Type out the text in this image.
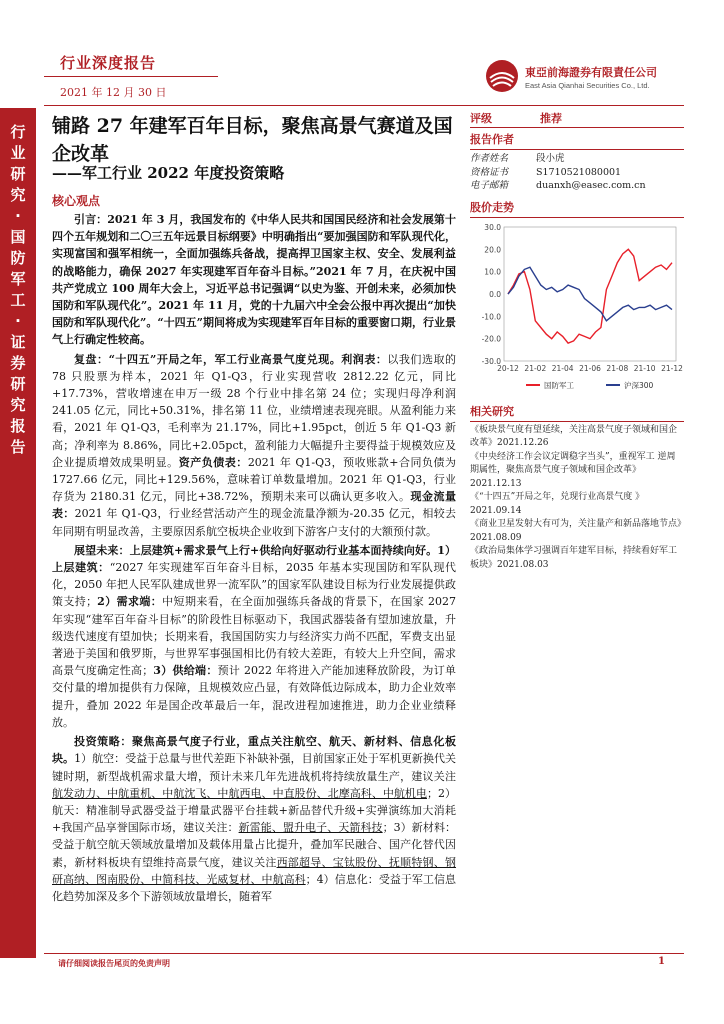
行业深度报告
2021 年 12 月 30 日
東亞前海證券有限責任公司
East Asia Qianhai Securities Co., Ltd.
行
业
研
究
·
国
防
军
工
·
证
券
研
究
报
告
铺路 27 年建军百年目标，聚焦高景气赛道及国企改革
——军工行业 2022 年度投资策略
核心观点

引言：2021 年 3 月，我国发布的《中华人民共和国国民经济和社会发展第十四个五年规划和二〇三五年远景目标纲要》中明确指出“要加强国防和军队现代化，实现富国和强军相统一，全面加强练兵备战，提高捍卫国家主权、安全、发展利益的战略能力，确保 2027 年实现建军百年奋斗目标。”2021 年 7 月，在庆祝中国共产党成立 100 周年大会上，习近平总书记强调“以史为鉴、开创未来，必须加快国防和军队现代化”。2021 年 11 月，党的十九届六中全会公报中再次提出“加快国防和军队现代化”。“十四五”期间将成为实现建军百年目标的重要窗口期，行业景气上行确定性较高。

复盘：“十四五”开局之年，军工行业高景气度兑现。利润表：以我们选取的 78 只股票为样本，2021 年 Q1-Q3，行业实现营收 2812.22 亿元，同比+17.73%，营收增速在申万一级 28 个行业中排名第 24 位；实现归母净利润 241.05 亿元，同比+50.31%，排名第 11 位，业绩增速表现亮眼。从盈利能力来看，2021 年 Q1-Q3，毛利率为 21.17%，同比+1.95pct，创近 5 年 Q1-Q3 新高；净利率为 8.86%，同比+2.05pct，盈利能力大幅提升主要得益于规模效应及企业提质增效成果明显。资产负债表：2021 年 Q1-Q3，预收账款+合同负债为 1727.66 亿元，同比+129.56%，意味着订单数量增加。2021 年 Q1-Q3，行业存货为 2180.31 亿元，同比+38.72%，预期未来可以确认更多收入。现金流量表：2021 年 Q1-Q3，行业经营活动产生的现金流量净额为-20.35 亿元，相较去年同期有明显改善，主要原因系航空板块企业收到下游客户支付的大额预付款。

展望未来：上层建筑+需求景气上行+供给向好驱动行业基本面持续向好。1）上层建筑：“2027 年实现建军百年奋斗目标，2035 年基本实现国防和军队现代化，2050 年把人民军队建成世界一流军队”的国家军队建设目标为行业发展提供政策支持；2）需求端：中短期来看，在全面加强练兵备战的背景下，在国家 2027 年实现“建军百年奋斗目标”的阶段性目标驱动下，我国武器装备有望加速放量，升级迭代速度有望加快；长期来看，我国国防实力与经济实力尚不匹配，军费支出显著逊于美国和俄罗斯，与世界军事强国相比仍有较大差距，有较大上升空间，需求高景气度确定性高；3）供给端：预计 2022 年将进入产能加速释放阶段，为订单交付量的增加提供有力保障，且规模效应凸显，有效降低边际成本，助力企业效率提升，叠加 2022 年是国企改革最后一年，混改进程加速推进，助力企业业绩释放。

投资策略：聚焦高景气度子行业，重点关注航空、航天、新材料、信息化板块。1）航空：受益于总量与世代差距下补缺补强，目前国家正处于军机更新换代关键时期，新型战机需求量大增，预计未来几年先进战机将持续放量生产，建议关注航发动力、中航重机、中航沈飞、中航西电、中直股份、北摩高科、中航机电；2）航天：精准制导武器受益于增量武器平台挂载+新品替代升级+实弹演练加大消耗+我国产品享誉国际市场，建议关注：新雷能、盟升电子、天箭科技；3）新材料：受益于航空航天领域放量增加及载体用量占比提升，叠加军民融合、国产化替代因素，新材料板块有望维持高景气度，建议关注西部超导、宝钛股份、抚顺特钢、钢研高纳、图南股份、中简科技、光威复材、中航高科；4）信息化：受益于军工信息化趋势加深及多个下游领域放量增长，随着军

评级	推荐
报告作者
作者姓名	段小虎
资格证书	S1710521080001
电子邮箱	duanxh@easec.com.cn
股价走势
30.0
20.0
10.0
0.0
-10.0
-20.0
-30.0
20-12 21-02 21-04 21-06 21-08 21-10 21-12
国防军工	沪深300
相关研究
《板块景气度有望延续，关注高景气度子领域和国企改革》2021.12.26
《中央经济工作会议定调稳字当头”，重视军工 逆周期属性，聚焦高景气度子领域和国企改革》2021.12.13
《“十四五”开局之年，兑现行业高景气度 》2021.09.14
《商业卫星发射大有可为，关注量产和新品落地节点》2021.08.09
《政治局集体学习强调百年建军目标，持续看好军工板块》2021.08.03
请仔细阅读报告尾页的免责声明	1
